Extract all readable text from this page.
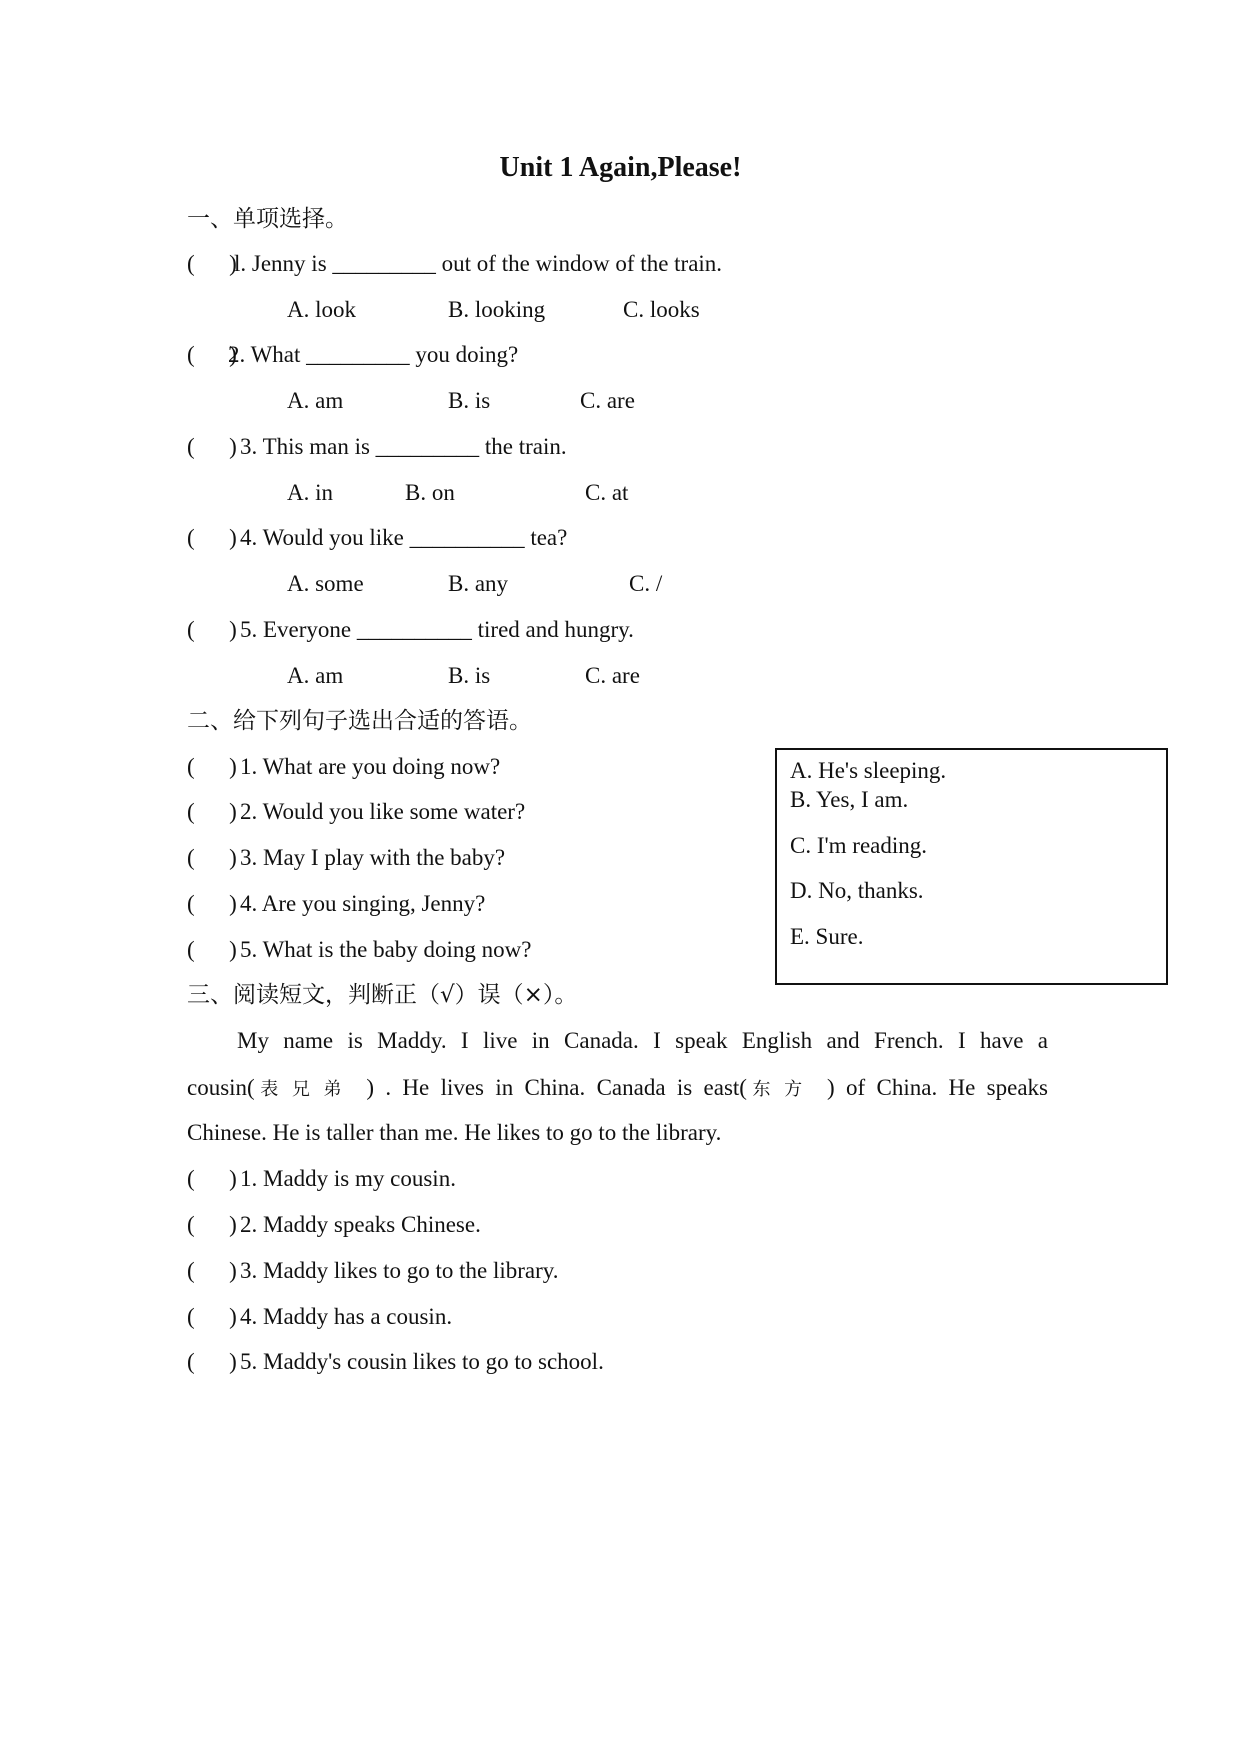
Unit 1 Again,Please!
一、单项选择。
(      )
l. Jenny is _________ out of the window of the train.
A. look	B. looking	C. looks
(      )
2. What _________ you doing?
A. am	B. is	C. are
(      ) 3. This man is _________ the train.
A. in	B. on	C. at
(      ) 4. Would you like __________ tea?
A. some	B. any	C. /
(      ) 5. Everyone __________ tired and hungry.
A. am	B. is	C. are
二、给下列句子选出合适的答语。
(      ) 1. What are you doing now?
(      ) 2. Would you like some water?
(      ) 3. May I play with the baby?
(      ) 4. Are you singing, Jenny?
(      ) 5. What is the baby doing now?
A. He's sleeping.
B. Yes, I am.
C. I'm reading.
D. No, thanks.
E. Sure.
三、阅读短文，判断正（√）误（×）。
My name is Maddy. I live in Canada. I speak English and French. I have a
cousin(表兄弟 ) . He lives in China. Canada is east(东方 ) of China. He speaks
Chinese. He is taller than me. He likes to go to the library.
(      ) 1. Maddy is my cousin.
(      ) 2. Maddy speaks Chinese.
(      ) 3. Maddy likes to go to the library.
(      ) 4. Maddy has a cousin.
(      ) 5. Maddy's cousin likes to go to school.
